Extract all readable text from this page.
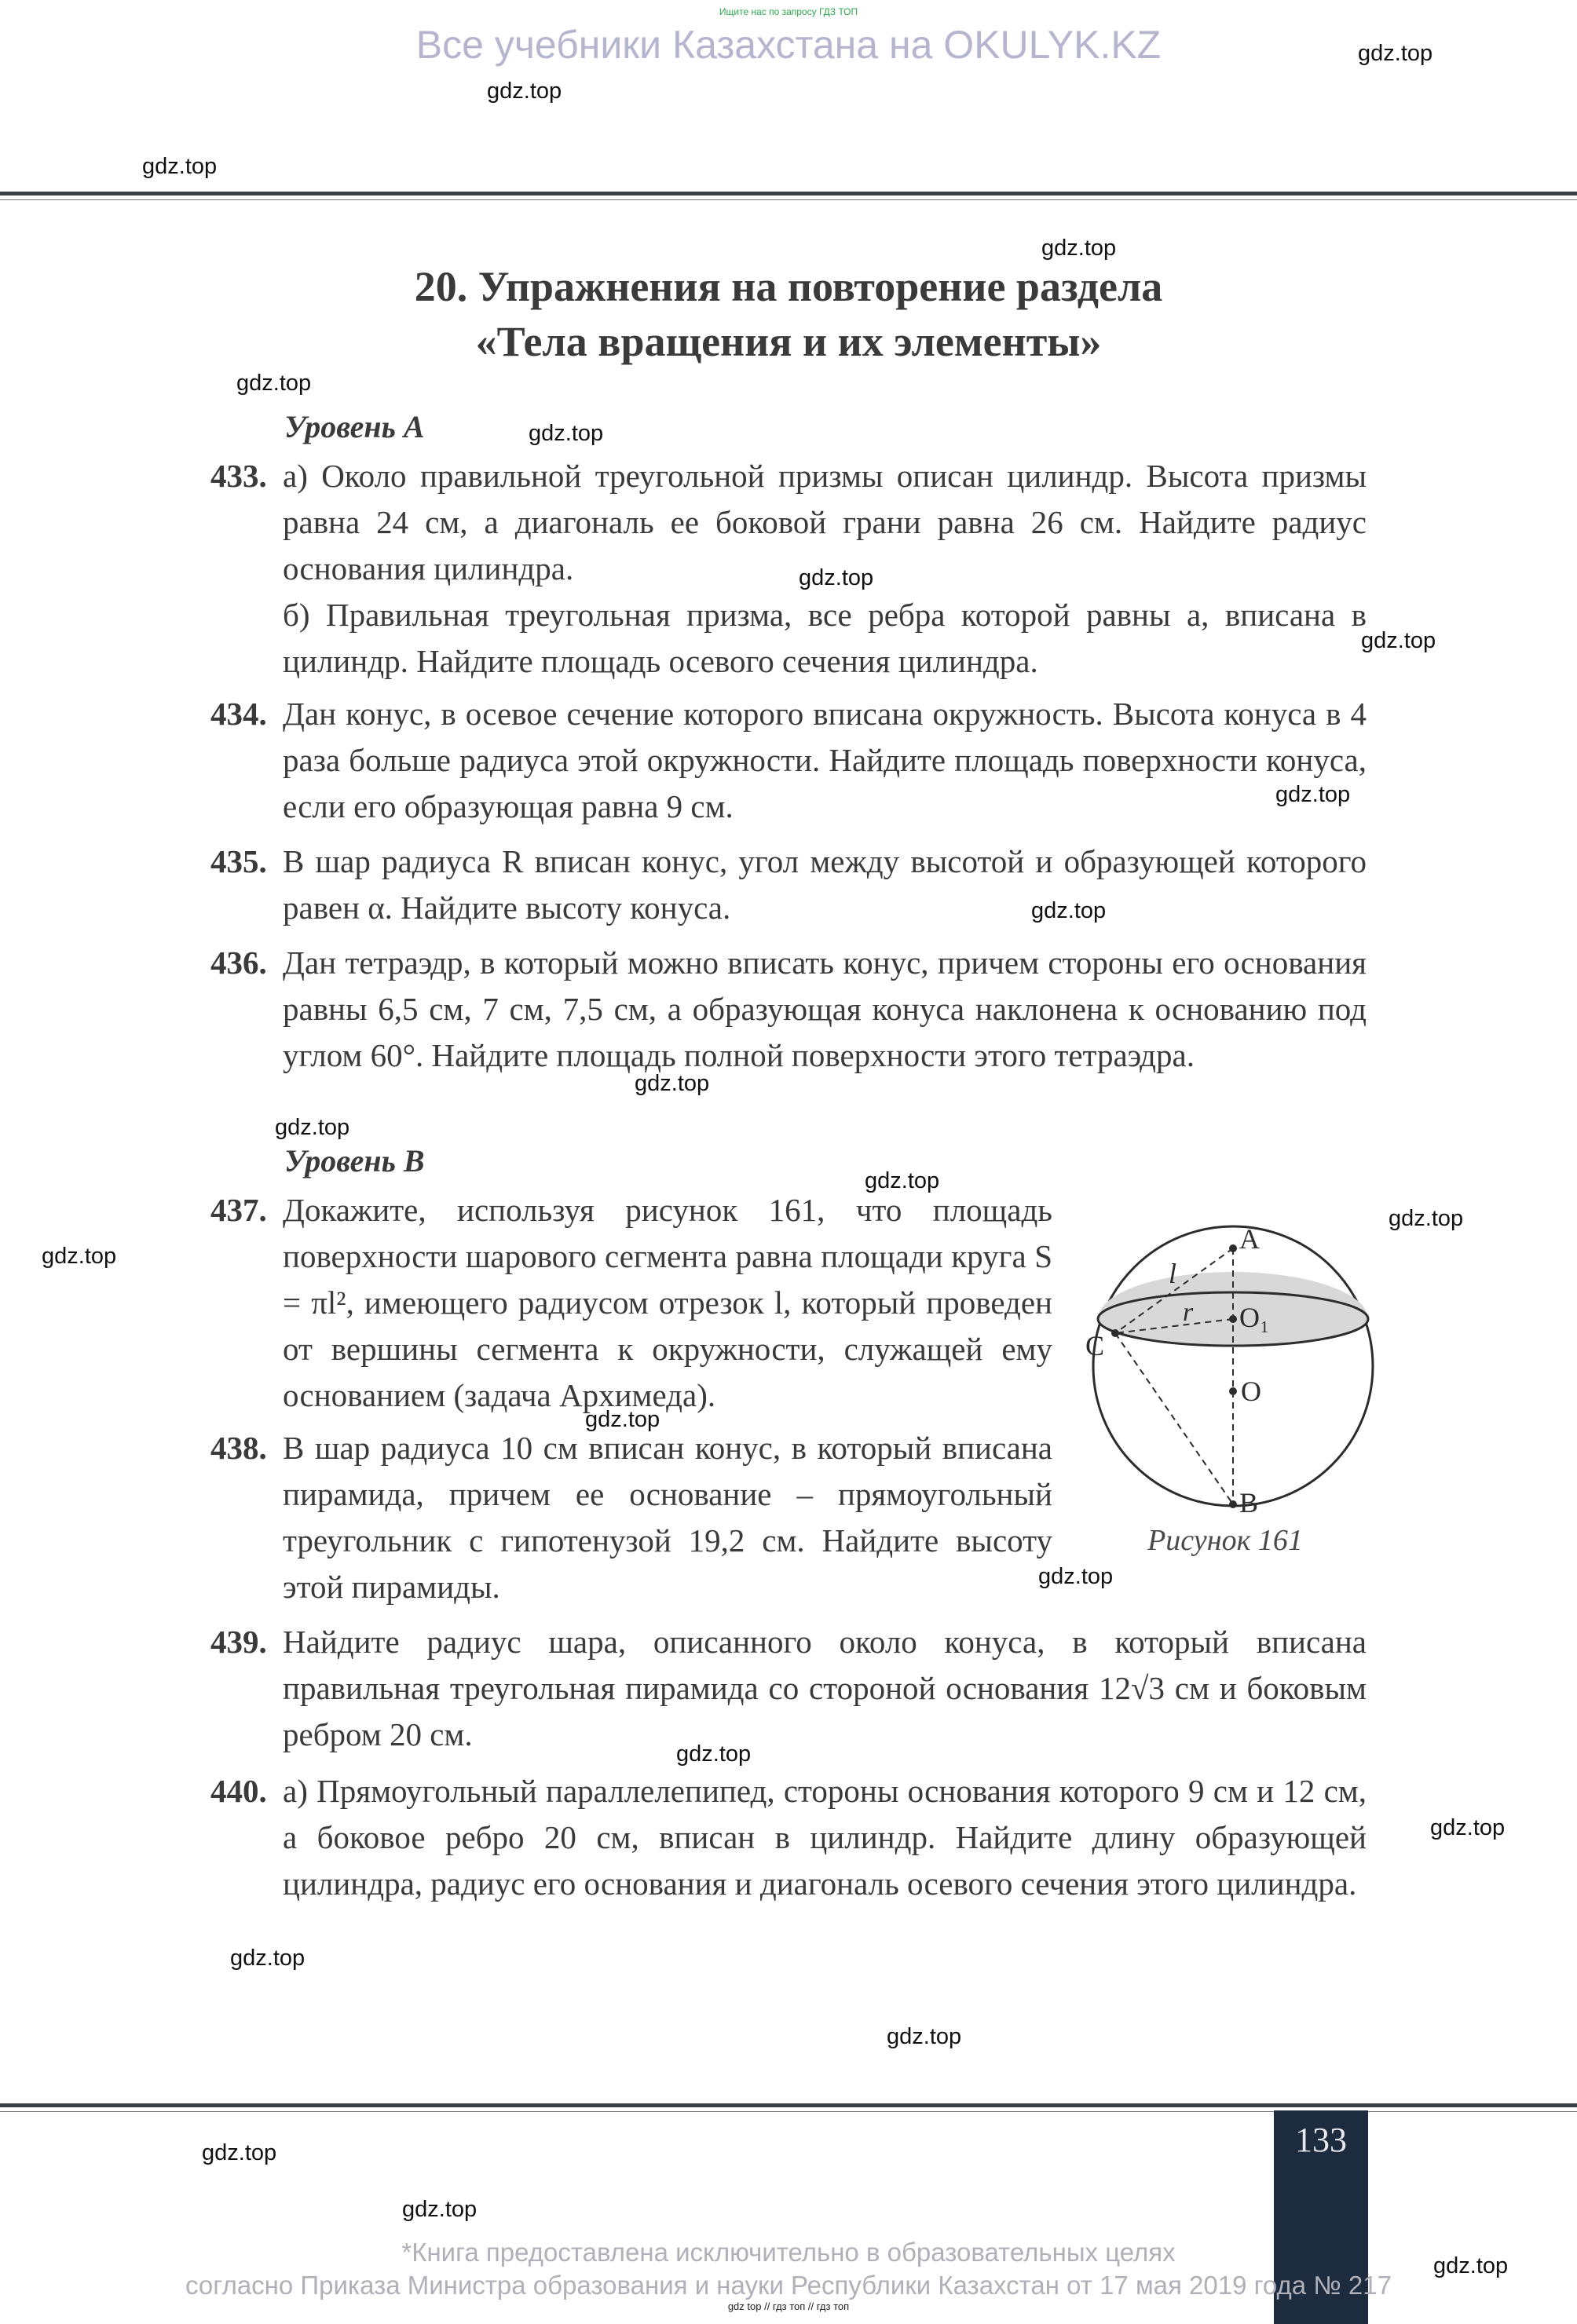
Ищите нас по запросу ГДЗ ТОП
Все учебники Казахстана на OKULYK.KZ
20. Упражнения на повторение раздела
«Тела вращения и их элементы»
Уровень А
433. а) Около правильной треугольной призмы описан цилиндр. Высота призмы равна 24 см, а диагональ ее боковой грани равна 26 см. Найдите радиус основания цилиндра.
б) Правильная треугольная призма, все ребра которой равны a, вписана в цилиндр. Найдите площадь осевого сечения цилиндра.
434. Дан конус, в осевое сечение которого вписана окружность. Высота конуса в 4 раза больше радиуса этой окружности. Найдите площадь поверхности конуса, если его образующая равна 9 см.
435. В шар радиуса R вписан конус, угол между высотой и образующей которого равен α. Найдите высоту конуса.
436. Дан тетраэдр, в который можно вписать конус, причем стороны его основания равны 6,5 см, 7 см, 7,5 см, а образующая конуса наклонена к основанию под углом 60°. Найдите площадь полной поверхности этого тетраэдра.
Уровень В
437. Докажите, используя рисунок 161, что площадь поверхности шарового сегмента равна площади круга S = πl², имеющего радиусом отрезок l, который проведен от вершины сегмента к окружности, служащей ему основанием (задача Архимеда).
438. В шар радиуса 10 см вписан конус, в который вписана пирамида, причем ее основание – прямоугольный треугольник с гипотенузой 19,2 см. Найдите высоту этой пирамиды.
439. Найдите радиус шара, описанного около конуса, в который вписана правильная треугольная пирамида со стороной основания 12√3 см и боковым ребром 20 см.
440. а) Прямоугольный параллелепипед, стороны основания которого 9 см и 12 см, а боковое ребро 20 см, вписан в цилиндр. Найдите длину образующей цилиндра, радиус его основания и диагональ осевого сечения этого цилиндра.
A
O₁
O
B
C
l
r
Рисунок 161
gdz.top
gdz.top
gdz.top
gdz.top
gdz.top
gdz.top
gdz.top
gdz.top
gdz.top
gdz.top
gdz.top
gdz.top
gdz.top
gdz.top
gdz.top
gdz.top
gdz.top
gdz.top
gdz.top
gdz.top
gdz.top
gdz.top
gdz.top
gdz.top
133
*Книга предоставлена исключительно в образовательных целях
согласно Приказа Министра образования и науки Республики Казахстан от 17 мая 2019 года № 217
gdz top // гдз топ // гдз топ
